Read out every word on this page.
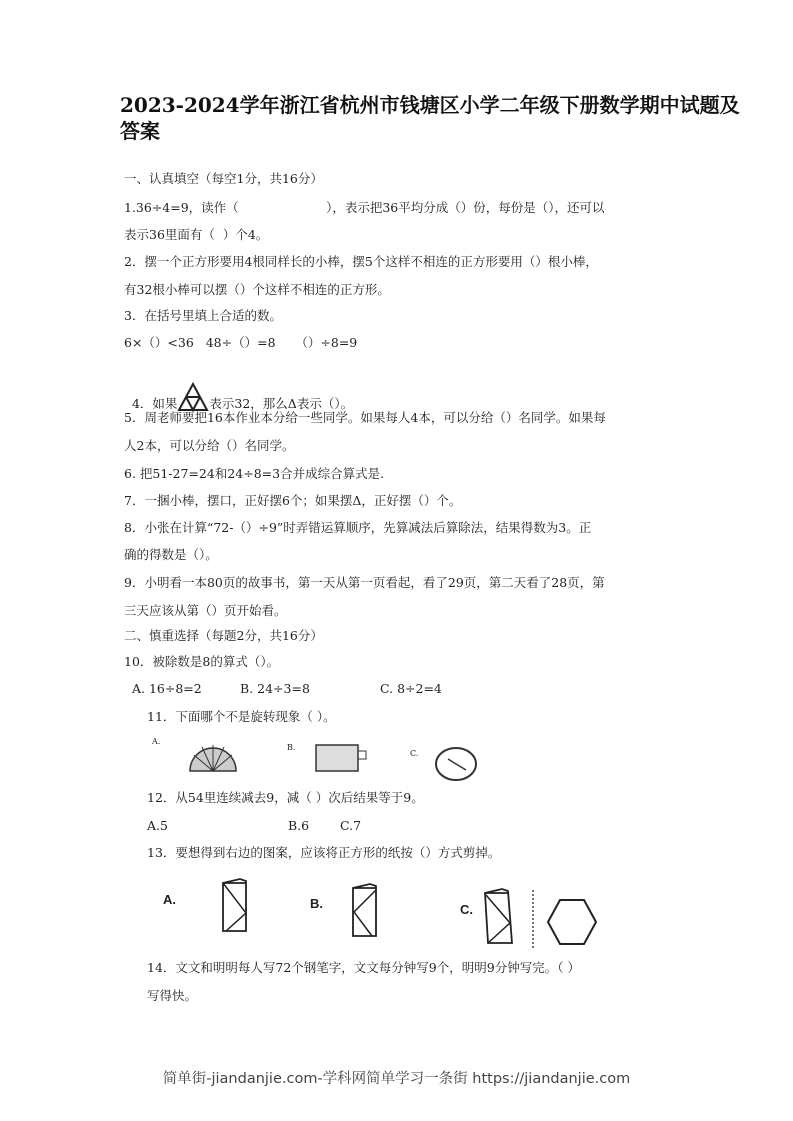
2023-2024学年浙江省杭州市钱塘区小学二年级下册数学期中试题及答案
一、认真填空（每空1分，共16分）
1.36÷4=9，读作（                      ），表示把36平均分成（）份，每份是（），还可以
表示36里面有（  ）个4。
2．摆一个正方形要用4根同样长的小棒，摆5个这样不相连的正方形要用（）根小棒，
有32根小棒可以摆（）个这样不相连的正方形。
3．在括号里填上合适的数。
6×（）<36   48÷（）=8     （）÷8=9

4．如果	表示32，那么Δ表示（）。

5．周老师要把16本作业本分给一些同学。如果每人4本，可以分给（）名同学。如果每
人2本，可以分给（）名同学。
6. 把51-27=24和24÷8=3合并成综合算式是.
7．一捆小棒，摆口，正好摆6个；如果摆Δ，正好摆（）个。
8．小张在计算“72-（）÷9”时弄错运算顺序，先算减法后算除法，结果得数为3。正
确的得数是（）。
9．小明看一本80页的故事书，第一天从第一页看起，看了29页，第二天看了28页，第
三天应该从第（）页开始看。
二、慎重选择（每题2分，共16分）
10．被除数是8的算式（）。
A. 16÷8=2	B. 24÷3=8	C. 8÷2=4
11．下面哪个不是旋转现象（ ）。
A.
B.
C.
12．从54里连续减去9，减（ ）次后结果等于9。
A.5	B.6 C.7
13．要想得到右边的图案，应该将正方形的纸按（）方式剪掉。
A.	B.	C.
14．文文和明明每人写72个钢笔字，文文每分钟写9个，明明9分钟写完。（ ）
写得快。
简单街-jiandanjie.com-学科网简单学习一条街 https://jiandanjie.com
